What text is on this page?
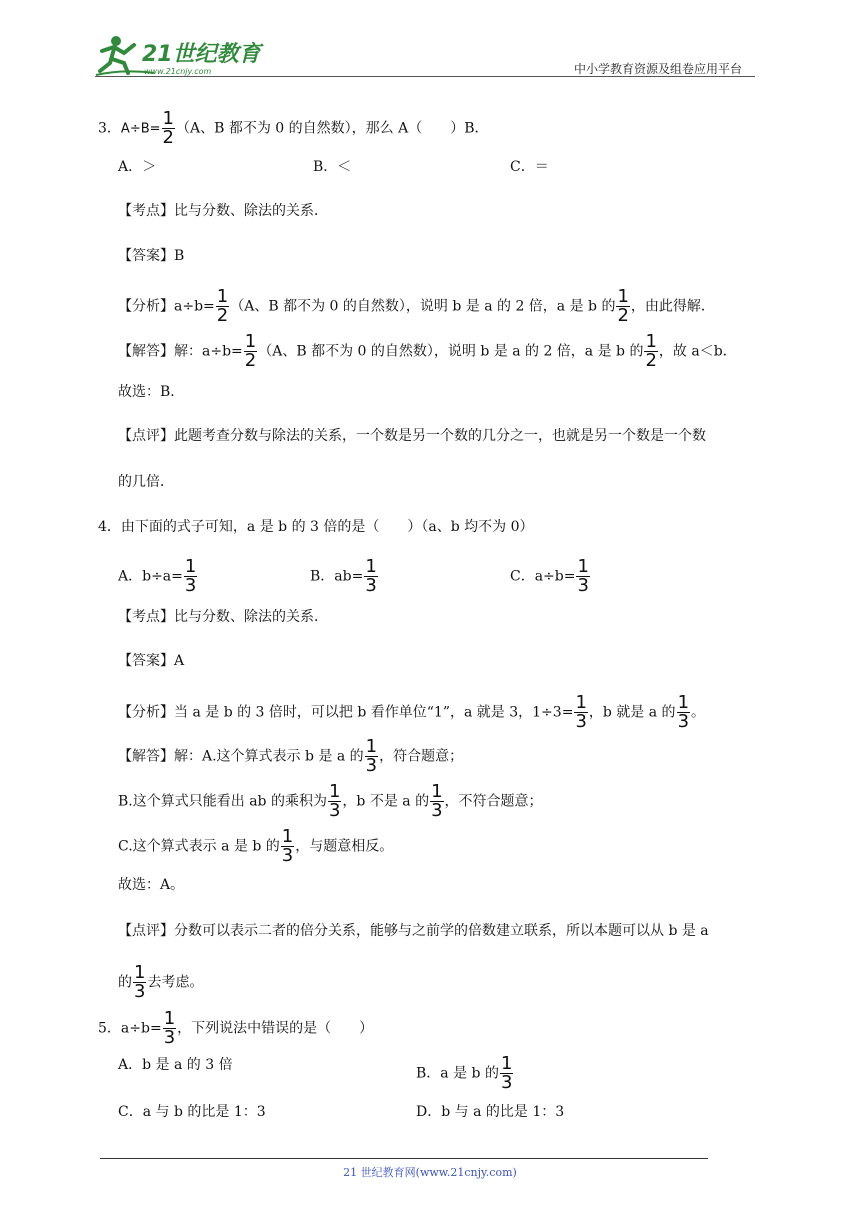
21世纪教育
www.21cnjy.com	中小学教育资源及组卷应用平台
3．$A\div B= \frac{1}{2} (A$、B 都不为 0 的自然数），那么 A（　　）B．
A．＞	B．＜	C．＝
【考点】比与分数、除法的关系．
【答案】B
【分析】$a\div b= \frac{1}{2} (A$、B 都不为 0 的自然数），说明 b 是 a 的 2 倍，a 是 b 的 $\frac{1}{2}$ ，由此得解．
【解答】解：$a\div b= \frac{1}{2} (A$、B 都不为 0 的自然数），说明 b 是 a 的 2 倍，a 是 b 的 $\frac{1}{2}$ ，故 a＜b．
故选：B．
【点评】此题考查分数与除法的关系，一个数是另一个数的几分之一，也就是另一个数是一个数
的几倍．
4．由下面的式子可知，a 是 b 的 3 倍的是（　　）（a、b 均不为 0）
A．$b\div a= \frac{1}{3}$	B．$ab= \frac{1}{3}$	C．$a\div b= \frac{1}{3}$
【考点】比与分数、除法的关系．
【答案】A
【分析】当 a 是 b 的 3 倍时，可以把 b 看作单位“1”，a 就是 3，$1\div 3= \frac{1}{3}$ ，b 就是 a 的 $\frac{1}{3}$ 。
【解答】解：A.这个算式表示 b 是 a 的 $\frac{1}{3}$ ，符合题意；
B.这个算式只能看出 ab 的乘积为 $\frac{1}{3}$ ，b 不是 a 的 $\frac{1}{3}$ ，不符合题意；
C.这个算式表示 a 是 b 的 $\frac{1}{3}$ ，与题意相反。
故选：A。
【点评】分数可以表示二者的倍分关系，能够与之前学的倍数建立联系，所以本题可以从 b 是 a
的 $\frac{1}{3}$ 去考虑。
5．$a\div b= \frac{1}{3}$ ，下列说法中错误的是（　　）
A．b 是 a 的 3 倍
B．a 是 b 的 $\frac{1}{3}$
C．a 与 b 的比是 1：3	D．b 与 a 的比是 1：3
21 世纪教育网(www.21cnjy.com)
